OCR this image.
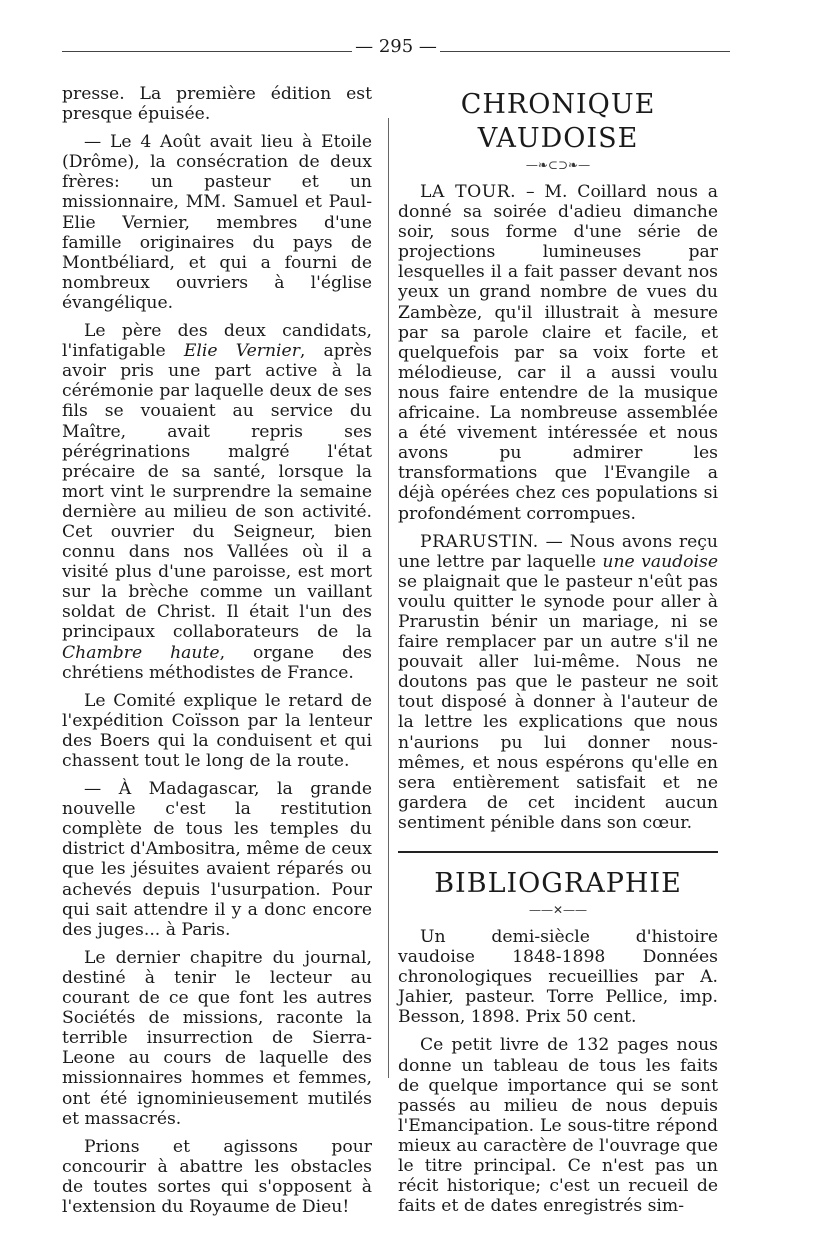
— 295 —

presse. La première édition est presque épuisée.

— Le 4 Août avait lieu à Etoile (Drôme), la consécration de deux frères: un pasteur et un missionnaire, MM. Samuel et Paul-Elie Vernier, membres d'une famille originaires du pays de Montbéliard, et qui a fourni de nombreux ouvriers à l'église évangélique.

Le père des deux candidats, l'infatigable Elie Vernier, après avoir pris une part active à la cérémonie par laquelle deux de ses fils se vouaient au service du Maître, avait repris ses pérégrinations malgré l'état précaire de sa santé, lorsque la mort vint le surprendre la semaine dernière au milieu de son activité. Cet ouvrier du Seigneur, bien connu dans nos Vallées où il a visité plus d'une paroisse, est mort sur la brèche comme un vaillant soldat de Christ. Il était l'un des principaux collaborateurs de la Chambre haute, organe des chrétiens méthodistes de France.

Le Comité explique le retard de l'expédition Coïsson par la lenteur des Boers qui la conduisent et qui chassent tout le long de la route.

— À Madagascar, la grande nouvelle c'est la restitution complète de tous les temples du district d'Ambositra, même de ceux que les jésuites avaient réparés ou achevés depuis l'usurpation. Pour qui sait attendre il y a donc encore des juges... à Paris.

Le dernier chapitre du journal, destiné à tenir le lecteur au courant de ce que font les autres Sociétés de missions, raconte la terrible insurrection de Sierra-Leone au cours de laquelle des missionnaires hommes et femmes, ont été ignominieusement mutilés et massacrés.

Prions et agissons pour concourir à abattre les obstacles de toutes sortes qui s'opposent à l'extension du Royaume de Dieu!

CHRONIQUE VAUDOISE
—❧⊂⊃❧—

LA TOUR. – M. Coillard nous a donné sa soirée d'adieu dimanche soir, sous forme d'une série de projections lumineuses par lesquelles il a fait passer devant nos yeux un grand nombre de vues du Zambèze, qu'il illustrait à mesure par sa parole claire et facile, et quelquefois par sa voix forte et mélodieuse, car il a aussi voulu nous faire entendre de la musique africaine. La nombreuse assemblée a été vivement intéressée et nous avons pu admirer les transformations que l'Evangile a déjà opérées chez ces populations si profondément corrompues.

PRARUSTIN. — Nous avons reçu une lettre par laquelle une vaudoise se plaignait que le pasteur n'eût pas voulu quitter le synode pour aller à Prarustin bénir un mariage, ni se faire remplacer par un autre s'il ne pouvait aller lui-même. Nous ne doutons pas que le pasteur ne soit tout disposé à donner à l'auteur de la lettre les explications que nous n'aurions pu lui donner nous-mêmes, et nous espérons qu'elle en sera entièrement satisfait et ne gardera de cet incident aucun sentiment pénible dans son cœur.

BIBLIOGRAPHIE
——✕——

Un demi-siècle d'histoire vaudoise 1848-1898 Données chronologiques recueillies par A. Jahier, pasteur. Torre Pellice, imp. Besson, 1898. Prix 50 cent.

Ce petit livre de 132 pages nous donne un tableau de tous les faits de quelque importance qui se sont passés au milieu de nous depuis l'Emancipation. Le sous-titre répond mieux au caractère de l'ouvrage que le titre principal. Ce n'est pas un récit historique; c'est un recueil de faits et de dates enregistrés sim-
